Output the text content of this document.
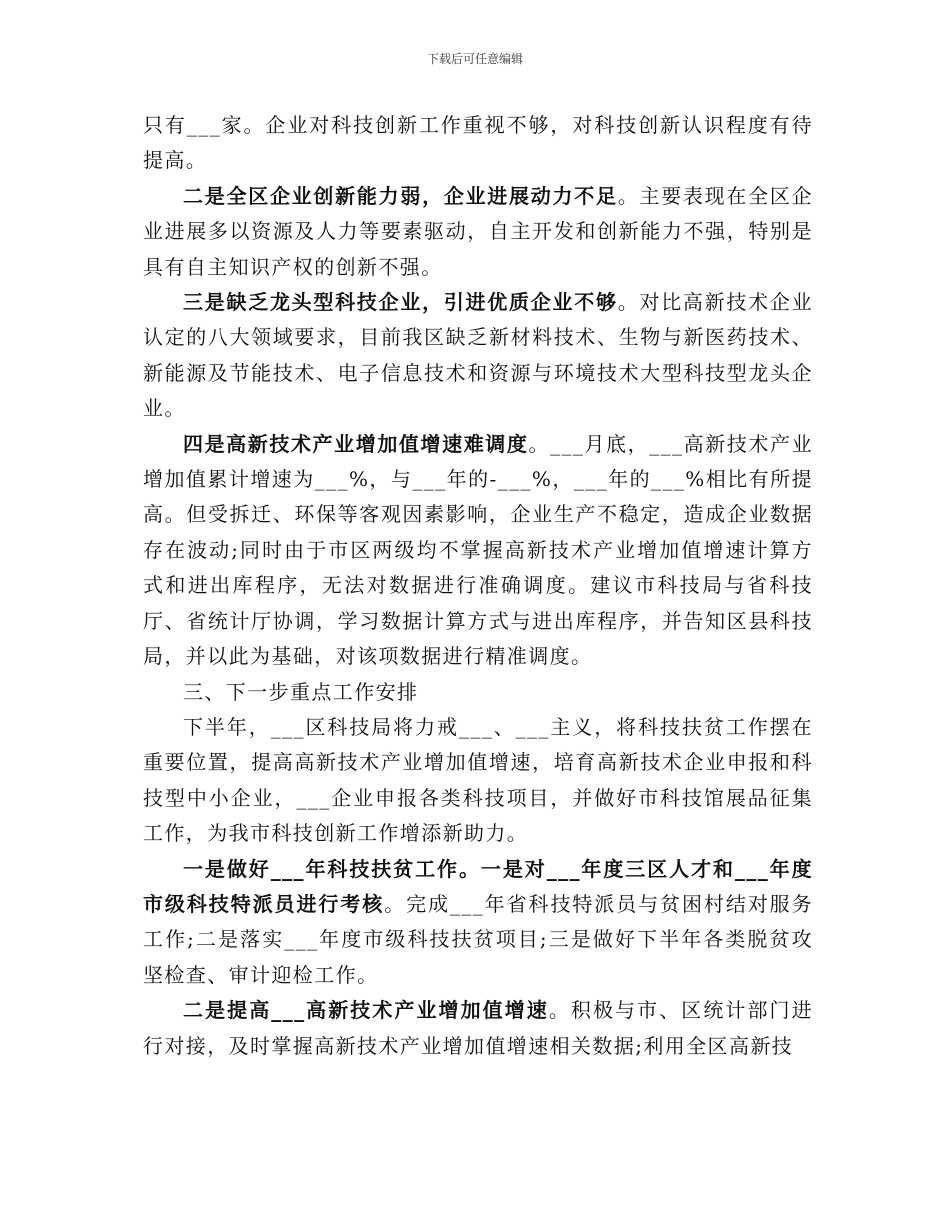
下载后可任意编辑

只有___家。企业对科技创新工作重视不够，对科技创新认识程度有待提高。

二是全区企业创新能力弱，企业进展动力不足。主要表现在全区企业进展多以资源及人力等要素驱动，自主开发和创新能力不强，特别是具有自主知识产权的创新不强。

三是缺乏龙头型科技企业，引进优质企业不够。对比高新技术企业认定的八大领域要求，目前我区缺乏新材料技术、生物与新医药技术、新能源及节能技术、电子信息技术和资源与环境技术大型科技型龙头企业。

四是高新技术产业增加值增速难调度。___月底，___高新技术产业增加值累计增速为___%，与___年的-___%，___年的___%相比有所提高。但受拆迁、环保等客观因素影响，企业生产不稳定，造成企业数据存在波动;同时由于市区两级均不掌握高新技术产业增加值增速计算方式和进出库程序，无法对数据进行准确调度。建议市科技局与省科技厅、省统计厅协调，学习数据计算方式与进出库程序，并告知区县科技局，并以此为基础，对该项数据进行精准调度。

三、下一步重点工作安排

下半年，___区科技局将力戒___、___主义，将科技扶贫工作摆在重要位置，提高高新技术产业增加值增速，培育高新技术企业申报和科技型中小企业，___企业申报各类科技项目，并做好市科技馆展品征集工作，为我市科技创新工作增添新助力。

一是做好___年科技扶贫工作。一是对___年度三区人才和___年度市级科技特派员进行考核。完成___年省科技特派员与贫困村结对服务工作;二是落实___年度市级科技扶贫项目;三是做好下半年各类脱贫攻坚检查、审计迎检工作。

二是提高___高新技术产业增加值增速。积极与市、区统计部门进行对接，及时掌握高新技术产业增加值增速相关数据;利用全区高新技
